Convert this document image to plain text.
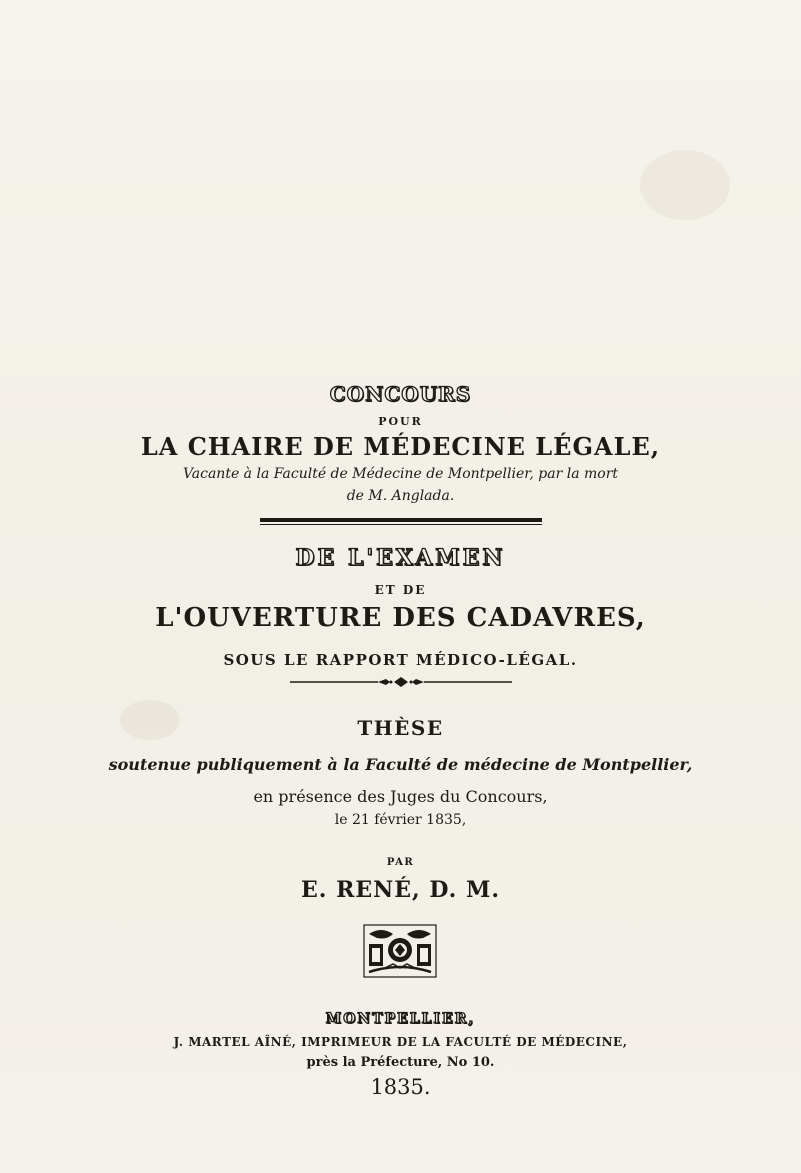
CONCOURS
POUR
LA CHAIRE DE MÉDECINE LÉGALE,
Vacante à la Faculté de Médecine de Montpellier, par la mort
de M. Anglada.
DE L'EXAMEN
ET DE
L'OUVERTURE DES CADAVRES,
SOUS LE RAPPORT MÉDICO-LÉGAL.
THÈSE
soutenue publiquement à la Faculté de médecine de Montpellier,
en présence des Juges du Concours,
le 21 février 1835,
PAR
E. RENÉ, D. M.
MONTPELLIER,
J. MARTEL AÎNÉ, IMPRIMEUR DE LA FACULTÉ DE MÉDECINE,
près la Préfecture, No 10.
1835.
